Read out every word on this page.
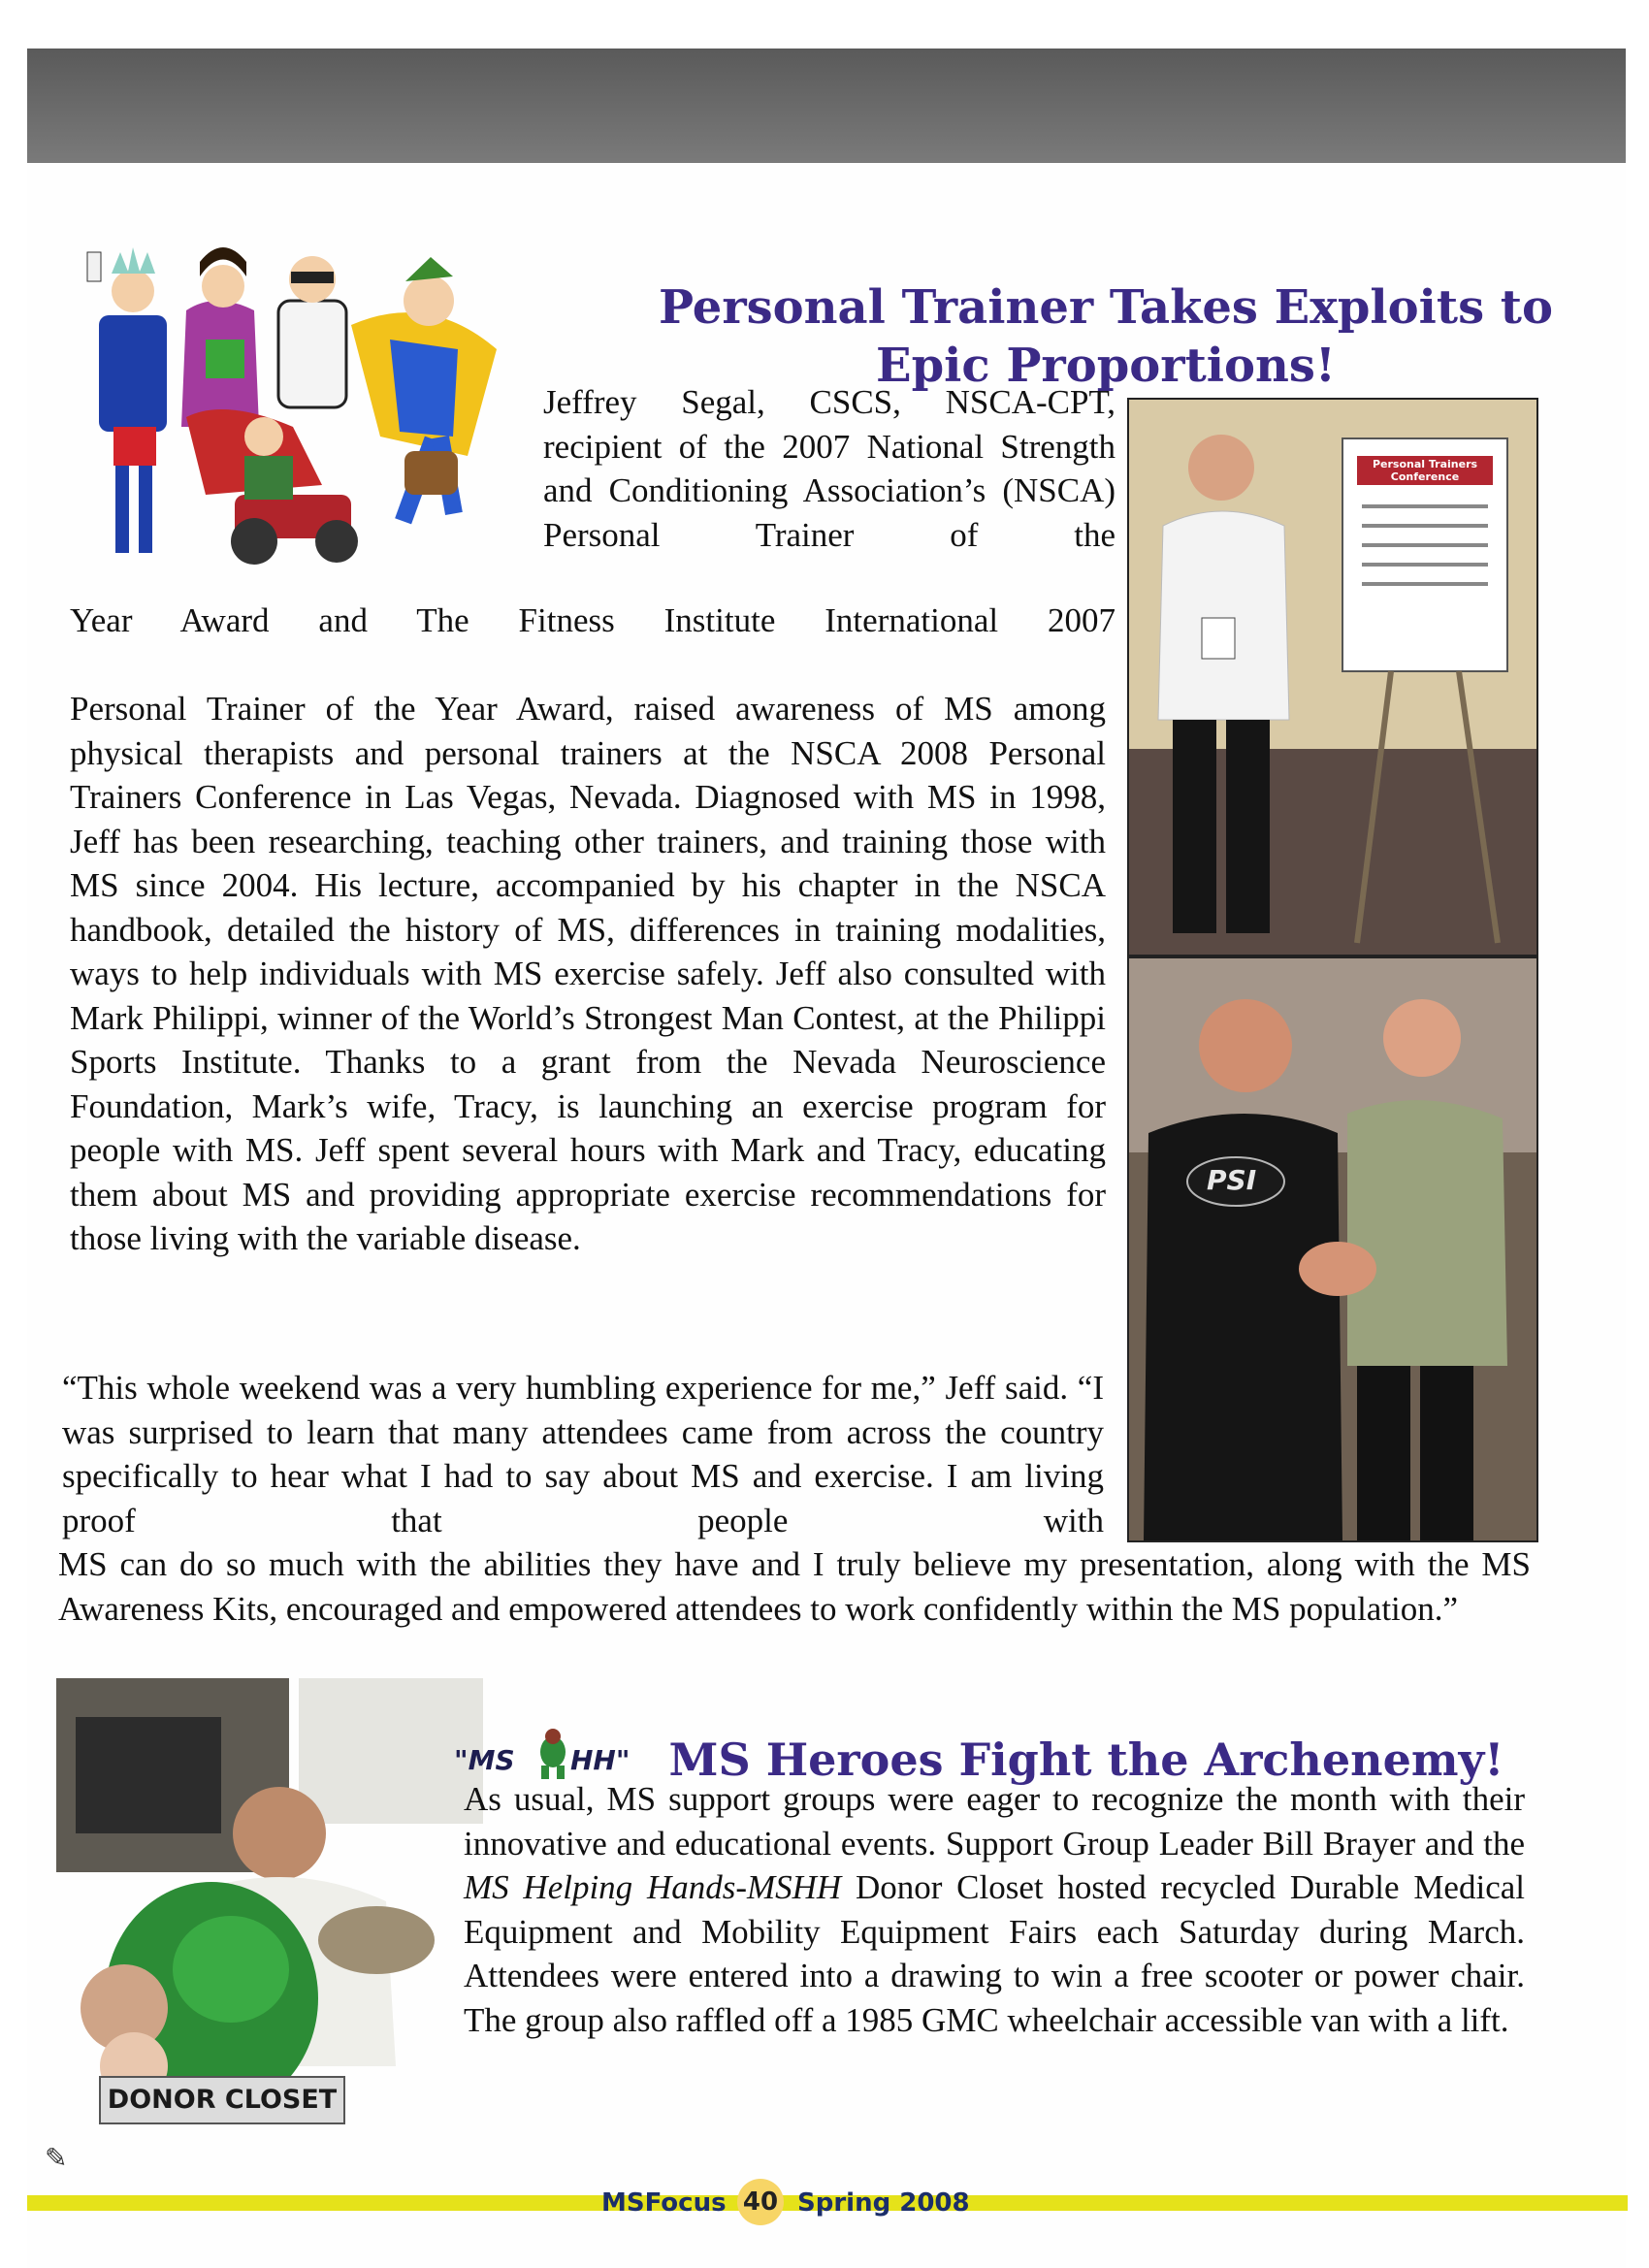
Personal Trainer Takes Exploits to Epic Proportions!

Jeffrey Segal, CSCS, NSCA-CPT, recipient of the 2007 National Strength and Conditioning Association’s (NSCA) Personal Trainer of the

Year Award and The Fitness Institute International 2007

Personal Trainer of the Year Award, raised awareness of MS among physical therapists and personal trainers at the NSCA 2008 Personal Trainers Conference in Las Vegas, Nevada. Diagnosed with MS in 1998, Jeff has been researching, teaching other trainers, and training those with MS since 2004. His lecture, accompanied by his chapter in the NSCA handbook, detailed the history of MS, differences in training modalities, ways to help individuals with MS exercise safely. Jeff also consulted with Mark Philippi, winner of the World’s Strongest Man Contest, at the Philippi Sports Institute. Thanks to a grant from the Nevada Neuroscience Foundation, Mark’s wife, Tracy, is launching an exercise program for people with MS. Jeff spent several hours with Mark and Tracy, educating them about MS and providing appropriate exercise recommendations for those living with the variable disease.

Personal Trainers Conference
PSI

“This whole weekend was a very humbling experience for me,” Jeff said. “I was surprised to learn that many attendees came from across the country specifically to hear what I had to say about MS and exercise. I am living proof that people with

MS can do so much with the abilities they have and I truly believe my presentation, along with the MS Awareness Kits, encouraged and empowered attendees to work confidently within the MS population.”

DONOR CLOSET
✎
"MS HH" MS Heroes Fight the Archenemy!

As usual, MS support groups were eager to recognize the month with their innovative and educational events. Support Group Leader Bill Brayer and the MS Helping Hands-MSHH Donor Closet hosted recycled Durable Medical Equipment and Mobility Equipment Fairs each Saturday during March. Attendees were entered into a drawing to win a free scooter or power chair. The group also raffled off a 1985 GMC wheelchair accessible van with a lift.

MSFocus 40 Spring 2008
